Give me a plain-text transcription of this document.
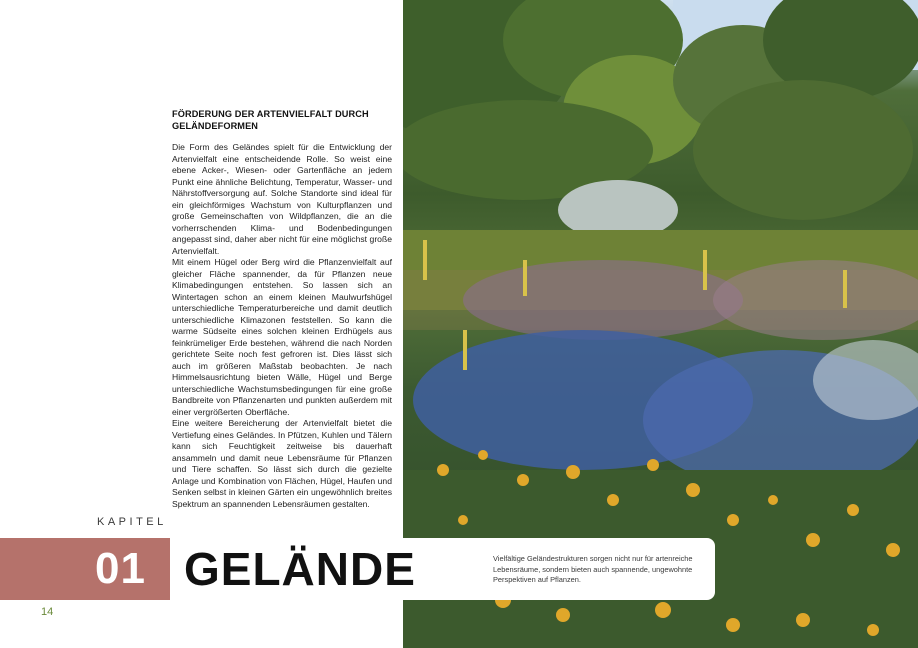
FÖRDERUNG DER ARTENVIELFALT DURCH GELÄNDEFORMEN

Die Form des Geländes spielt für die Entwicklung der Artenvielfalt eine entscheidende Rolle. So weist eine ebene Acker-, Wiesen- oder Gartenfläche an jedem Punkt eine ähnliche Belichtung, Temperatur, Wasser- und Nährstoffversorgung auf. Solche Standorte sind ideal für ein gleichförmiges Wachstum von Kulturpflanzen und große Gemeinschaften von Wildpflanzen, die an die vorherrschenden Klima- und Bodenbedingungen angepasst sind, daher aber nicht für eine möglichst große Artenvielfalt.

Mit einem Hügel oder Berg wird die Pflanzenvielfalt auf gleicher Fläche spannender, da für Pflanzen neue Klimabedingungen entstehen. So lassen sich an Wintertagen schon an einem kleinen Maulwurfshügel unterschiedliche Temperaturbereiche und damit deutlich unterschiedliche Klimazonen feststellen. So kann die warme Südseite eines solchen kleinen Erdhügels aus feinkrümeliger Erde bestehen, während die nach Norden gerichtete Seite noch fest gefroren ist. Dies lässt sich auch im größeren Maßstab beobachten. Je nach Himmelsausrichtung bieten Wälle, Hügel und Berge unterschiedliche Wachstumsbedingungen für eine große Bandbreite von Pflanzenarten und punkten außerdem mit einer vergrößerten Oberfläche.

Eine weitere Bereicherung der Artenvielfalt bietet die Vertiefung eines Geländes. In Pfützen, Kuhlen und Tälern kann sich Feuchtigkeit zeitweise bis dauerhaft ansammeln und damit neue Lebensräume für Pflanzen und Tiere schaffen. So lässt sich durch die gezielte Anlage und Kombination von Flächen, Hügel, Haufen und Senken selbst in kleinen Gärten ein ungewöhnlich breites Spektrum an spannenden Lebensräumen gestalten.

KAPITEL
01 GELÄNDE	Vielfältige Geländestrukturen sorgen nicht nur für artenreiche Lebensräume, sondern bieten auch spannende, ungewohnte Perspektiven auf Pflanzen.
14
